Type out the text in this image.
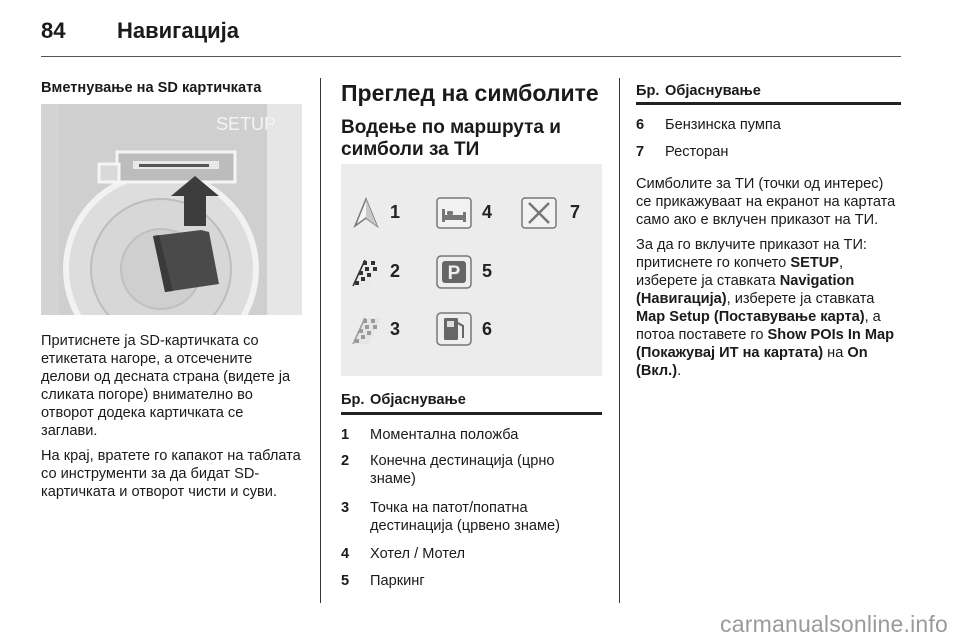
84 Навигација
Вметнување на SD картичката
SETUP

Притиснете ја SD-картичката со етикетата нагоре, а отсечените делови од десната страна (видете ја сликата погоре) внимателно во отворот додека картичката се заглави.

На крај, вратете го капакот на таблата со инструменти за да бидат SD-картичката и отворот чисти и суви.

Преглед на симболите
Водење по маршрута и симболи за ТИ
1
2
3
4
P 5
6
7
Бр. Објаснување
1	Моментална положба
2	Конечна дестинација (црно знаме)
3	Точка на патот/попатна дестинација (црвено знаме)
4	Хотел / Мотел
5	Паркинг
Бр. Објаснување
6	Бензинска пумпа
7	Ресторан

Симболите за ТИ (точки од интерес) се прикажуваат на екранот на картата само ако е вклучен приказот на ТИ.

За да го вклучите приказот на ТИ: притиснете го копчето SETUP, изберете ја ставката Navigation (Навигација), изберете ја ставката Map Setup (Поставување карта), а потоа поставете го Show POIs In Map (Покажувај ИТ на картата) на On (Вкл.).

carmanualsonline.info
